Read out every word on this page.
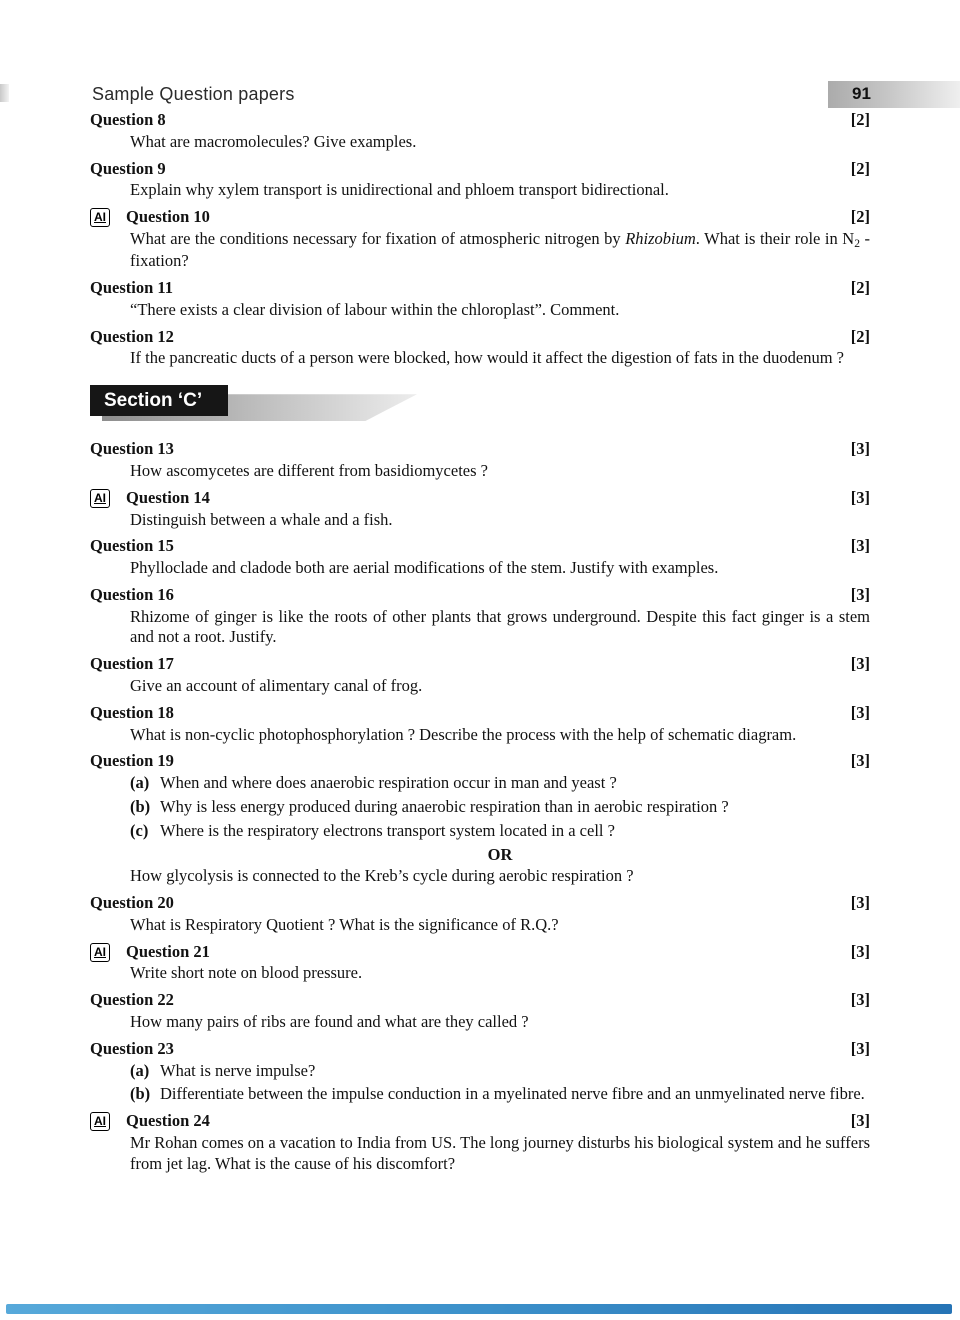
Sample Question papers	91
Question 8	[2]
What are macromolecules? Give examples.
Question 9	[2]
Explain why xylem transport is unidirectional and phloem transport bidirectional.
AI Question 10	[2]
What are the conditions necessary for fixation of atmospheric nitrogen by Rhizobium. What is their role in N2 -fixation?
Question 11	[2]
“There exists a clear division of labour within the chloroplast”. Comment.
Question 12	[2]
If the pancreatic ducts of a person were blocked, how would it affect the digestion of fats in the duodenum ?
Section ‘C’
Question 13	[3]
How ascomycetes are different from basidiomycetes ?
AI Question 14	[3]
Distinguish between a whale and a fish.
Question 15	[3]
Phylloclade and cladode both are aerial modifications of the stem. Justify with examples.
Question 16	[3]
Rhizome of ginger is like the roots of other plants that grows underground. Despite this fact ginger is a stem and not a root. Justify.
Question 17	[3]
Give an account of alimentary canal of frog.
Question 18	[3]
What is non-cyclic photophosphorylation ? Describe the process with the help of schematic diagram.
Question 19	[3]
(a) When and where does anaerobic respiration occur in man and yeast ?
(b) Why is less energy produced during anaerobic respiration than in aerobic respiration ?
(c) Where is the respiratory electrons transport system located in a cell ?
OR
How glycolysis is connected to the Kreb’s cycle during aerobic respiration ?
Question 20	[3]
What is Respiratory Quotient ? What is the significance of R.Q.?
AI Question 21	[3]
Write short note on blood pressure.
Question 22	[3]
How many pairs of ribs are found and what are they called ?
Question 23	[3]
(a) What is nerve impulse?
(b) Differentiate between the impulse conduction in a myelinated nerve fibre and an unmyelinated nerve fibre.
AI Question 24	[3]
Mr Rohan comes on a vacation to India from US. The long journey disturbs his biological system and he suffers from jet lag. What is the cause of his discomfort?
